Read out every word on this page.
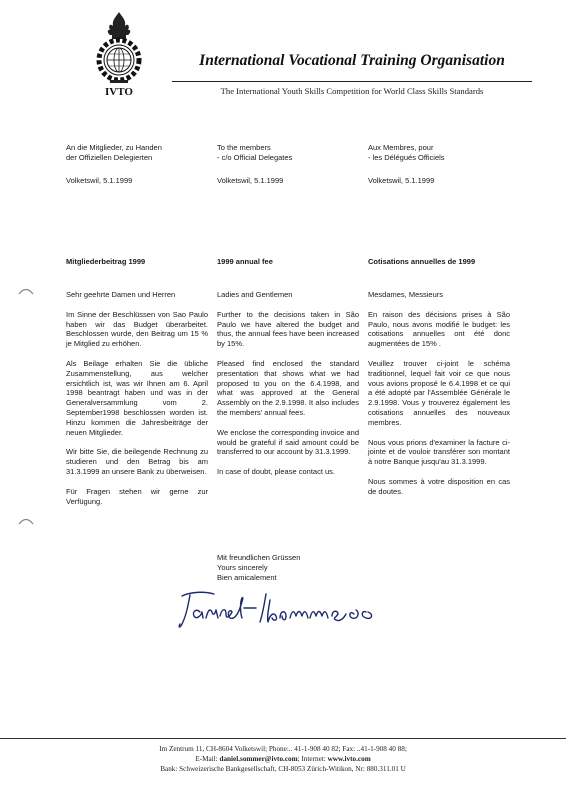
IVTO
International Vocational Training Organisation
The International Youth Skills Competition for World Class Skills Standards

An die Mitglieder, zu Handen

der Offiziellen Delegierten

Volketswil, 5.1.1999
Mitgliederbeitrag 1999

Sehr geehrte Damen und Herren

Im Sinne der Beschlüssen von Sao Paulo haben wir das Budget überarbeitet. Beschlossen wurde, den Beitrag um 15 % je Mitglied zu erhöhen.

Als Beilage erhalten Sie die übliche Zusammenstellung, aus welcher ersichtlich ist, was wir Ihnen am 6. April 1998 beantragt haben und was in der Generalversammlung vom 2. September1998 beschlossen worden ist. Hinzu kommen die Jahresbeiträge der neuen Mitglieder.

Wir bitte Sie, die beilegende Rechnung zu studieren und den Betrag bis am 31.3.1999 an unsere Bank zu überweisen.

Für Fragen stehen wir gerne zur Verfügung.

To the members

- c/o Official Delegates

Volketswil, 5.1.1999
1999 annual fee

Ladies and Gentlemen

Further to the decisions taken in São Paulo we have altered the budget and thus, the annual fees have been increased by 15%.

Pleased find enclosed the standard presentation that shows what we had proposed to you on the 6.4.1998, and what was approved at the General Assembly on the 2.9.1998. It also includes the members' annual fees.

We enclose the corresponding invoice and would be grateful if said amount could be transferred to our account by 31.3.1999.

In case of doubt, please contact us.

Aux Membres, pour

- les Délégués Officiels

Volketswil, 5.1.1999
Cotisations annuelles de 1999

Mesdames, Messieurs

En raison des décisions prises à São Paulo, nous avons modifié le budget: les cotisations annuelles ont été donc augmentées de 15% .

Veuillez trouver ci-joint le schéma traditionnel, lequel fait voir ce que nous vous avions proposé le 6.4.1998 et ce qui a été adopté par l'Assemblée Générale le 2.9.1998. Vous y trouverez également les cotisations annuelles des nouveaux membres.

Nous vous prions d'examiner la facture ci-jointe et de vouloir transférer son montant à notre Banque jusqu'au 31.3.1999.

Nous sommes à votre disposition en cas de doutes.

Mit freundlichen Grüssen
Yours sincerely
Bien amicalement
Im Zentrum 11, CH-8604 Volketswil; Phone:.. 41-1-908 40 82; Fax: ..41-1-908 40 88;
E-Mail: daniel.sommer@ivto.com; Internet: www.ivto.com
Bank: Schweizerische Bankgesellschaft, CH-8053 Zürich-Witikon, Nr: 880.311.01 U
